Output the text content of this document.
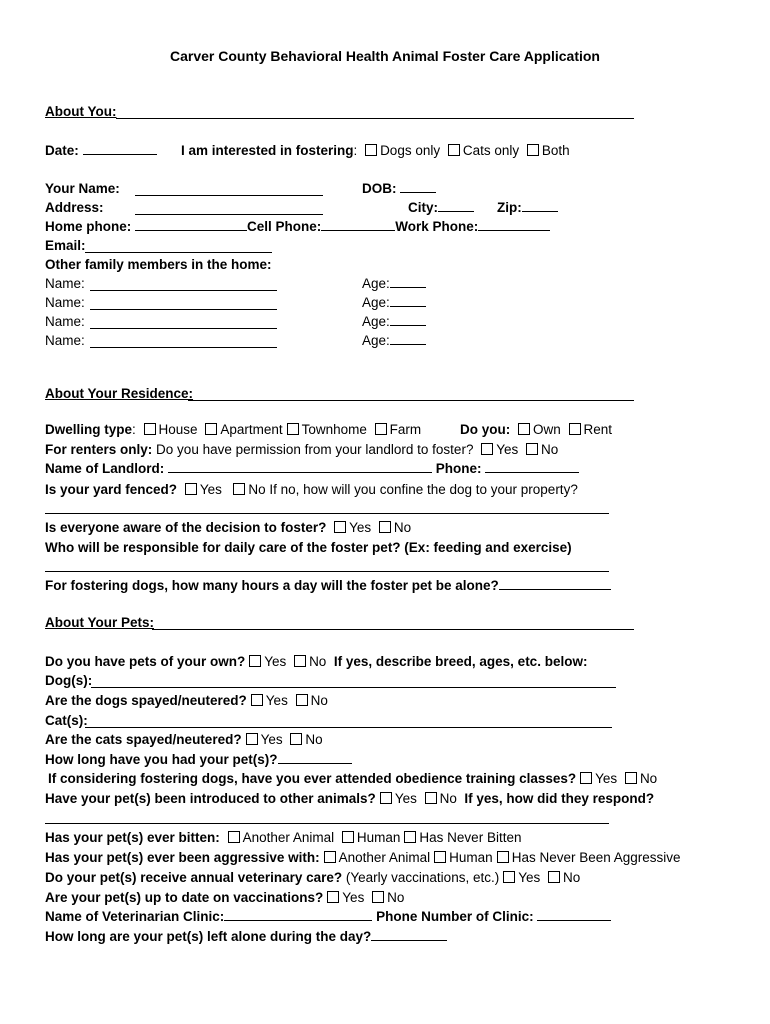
Carver County Behavioral Health Animal Foster Care Application
About You:
Date:	I am interested in fostering: Dogs only Cats only Both
Your Name:	DOB:
Address:	City:	Zip:
Home phone:	Cell Phone:	Work Phone:
Email:
Other family members in the home:
Name:	Age:
Name:	Age:
Name:	Age:
Name:	Age:
About Your Residence:
Dwelling type: House Apartment Townhome Farm	Do you: Own Rent
For renters only: Do you have permission from your landlord to foster? Yes No
Name of Landlord:	Phone:
Is your yard fenced? Yes No If no, how will you confine the dog to your property?
Is everyone aware of the decision to foster? Yes No
Who will be responsible for daily care of the foster pet? (Ex: feeding and exercise)
For fostering dogs, how many hours a day will the foster pet be alone?
About Your Pets:
Do you have pets of your own? Yes No If yes, describe breed, ages, etc. below:
Dog(s):
Are the dogs spayed/neutered? Yes No
Cat(s):
Are the cats spayed/neutered? Yes No
How long have you had your pet(s)?
If considering fostering dogs, have you ever attended obedience training classes? Yes No
Have your pet(s) been introduced to other animals? Yes No If yes, how did they respond?
Has your pet(s) ever bitten: Another Animal Human Has Never Bitten
Has your pet(s) ever been aggressive with: Another Animal Human Has Never Been Aggressive
Do your pet(s) receive annual veterinary care? (Yearly vaccinations, etc.) Yes No
Are your pet(s) up to date on vaccinations? Yes No
Name of Veterinarian Clinic:	Phone Number of Clinic:
How long are your pet(s) left alone during the day?
